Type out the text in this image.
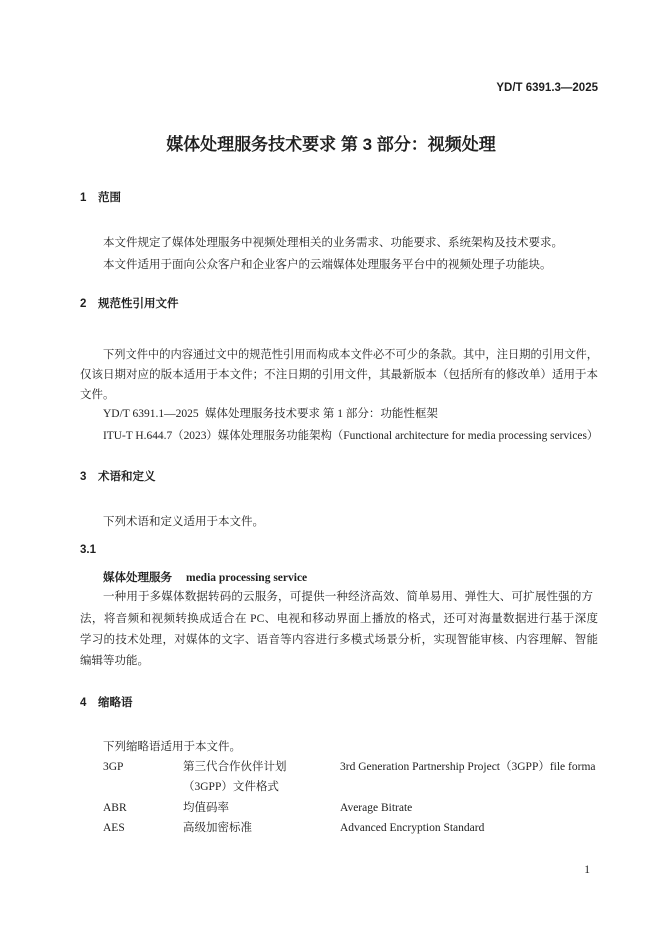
YD/T 6391.3—2025
媒体处理服务技术要求 第 3 部分：视频处理
1 范围
本文件规定了媒体处理服务中视频处理相关的业务需求、功能要求、系统架构及技术要求。
本文件适用于面向公众客户和企业客户的云端媒体处理服务平台中的视频处理子功能块。
2 规范性引用文件
下列文件中的内容通过文中的规范性引用而构成本文件必不可少的条款。其中，注日期的引用文件，
仅该日期对应的版本适用于本文件；不注日期的引用文件，其最新版本（包括所有的修改单）适用于本
文件。
YD/T 6391.1—2025 媒体处理服务技术要求 第 1 部分：功能性框架
ITU-T H.644.7（2023）媒体处理服务功能架构（Functional architecture for media processing services）
3 术语和定义
下列术语和定义适用于本文件。
3.1
媒体处理服务 media processing service
一种用于多媒体数据转码的云服务，可提供一种经济高效、简单易用、弹性大、可扩展性强的方
法，将音频和视频转换成适合在 PC、电视和移动界面上播放的格式，还可对海量数据进行基于深度
学习的技术处理，对媒体的文字、语音等内容进行多模式场景分析，实现智能审核、内容理解、智能
编辑等功能。
4 缩略语
下列缩略语适用于本文件。
3GP	第三代合作伙伴计划	3rd Generation Partnership Project（3GPP）file forma
（3GPP）文件格式
ABR	均值码率	Average Bitrate
AES	高级加密标准	Advanced Encryption Standard
1
